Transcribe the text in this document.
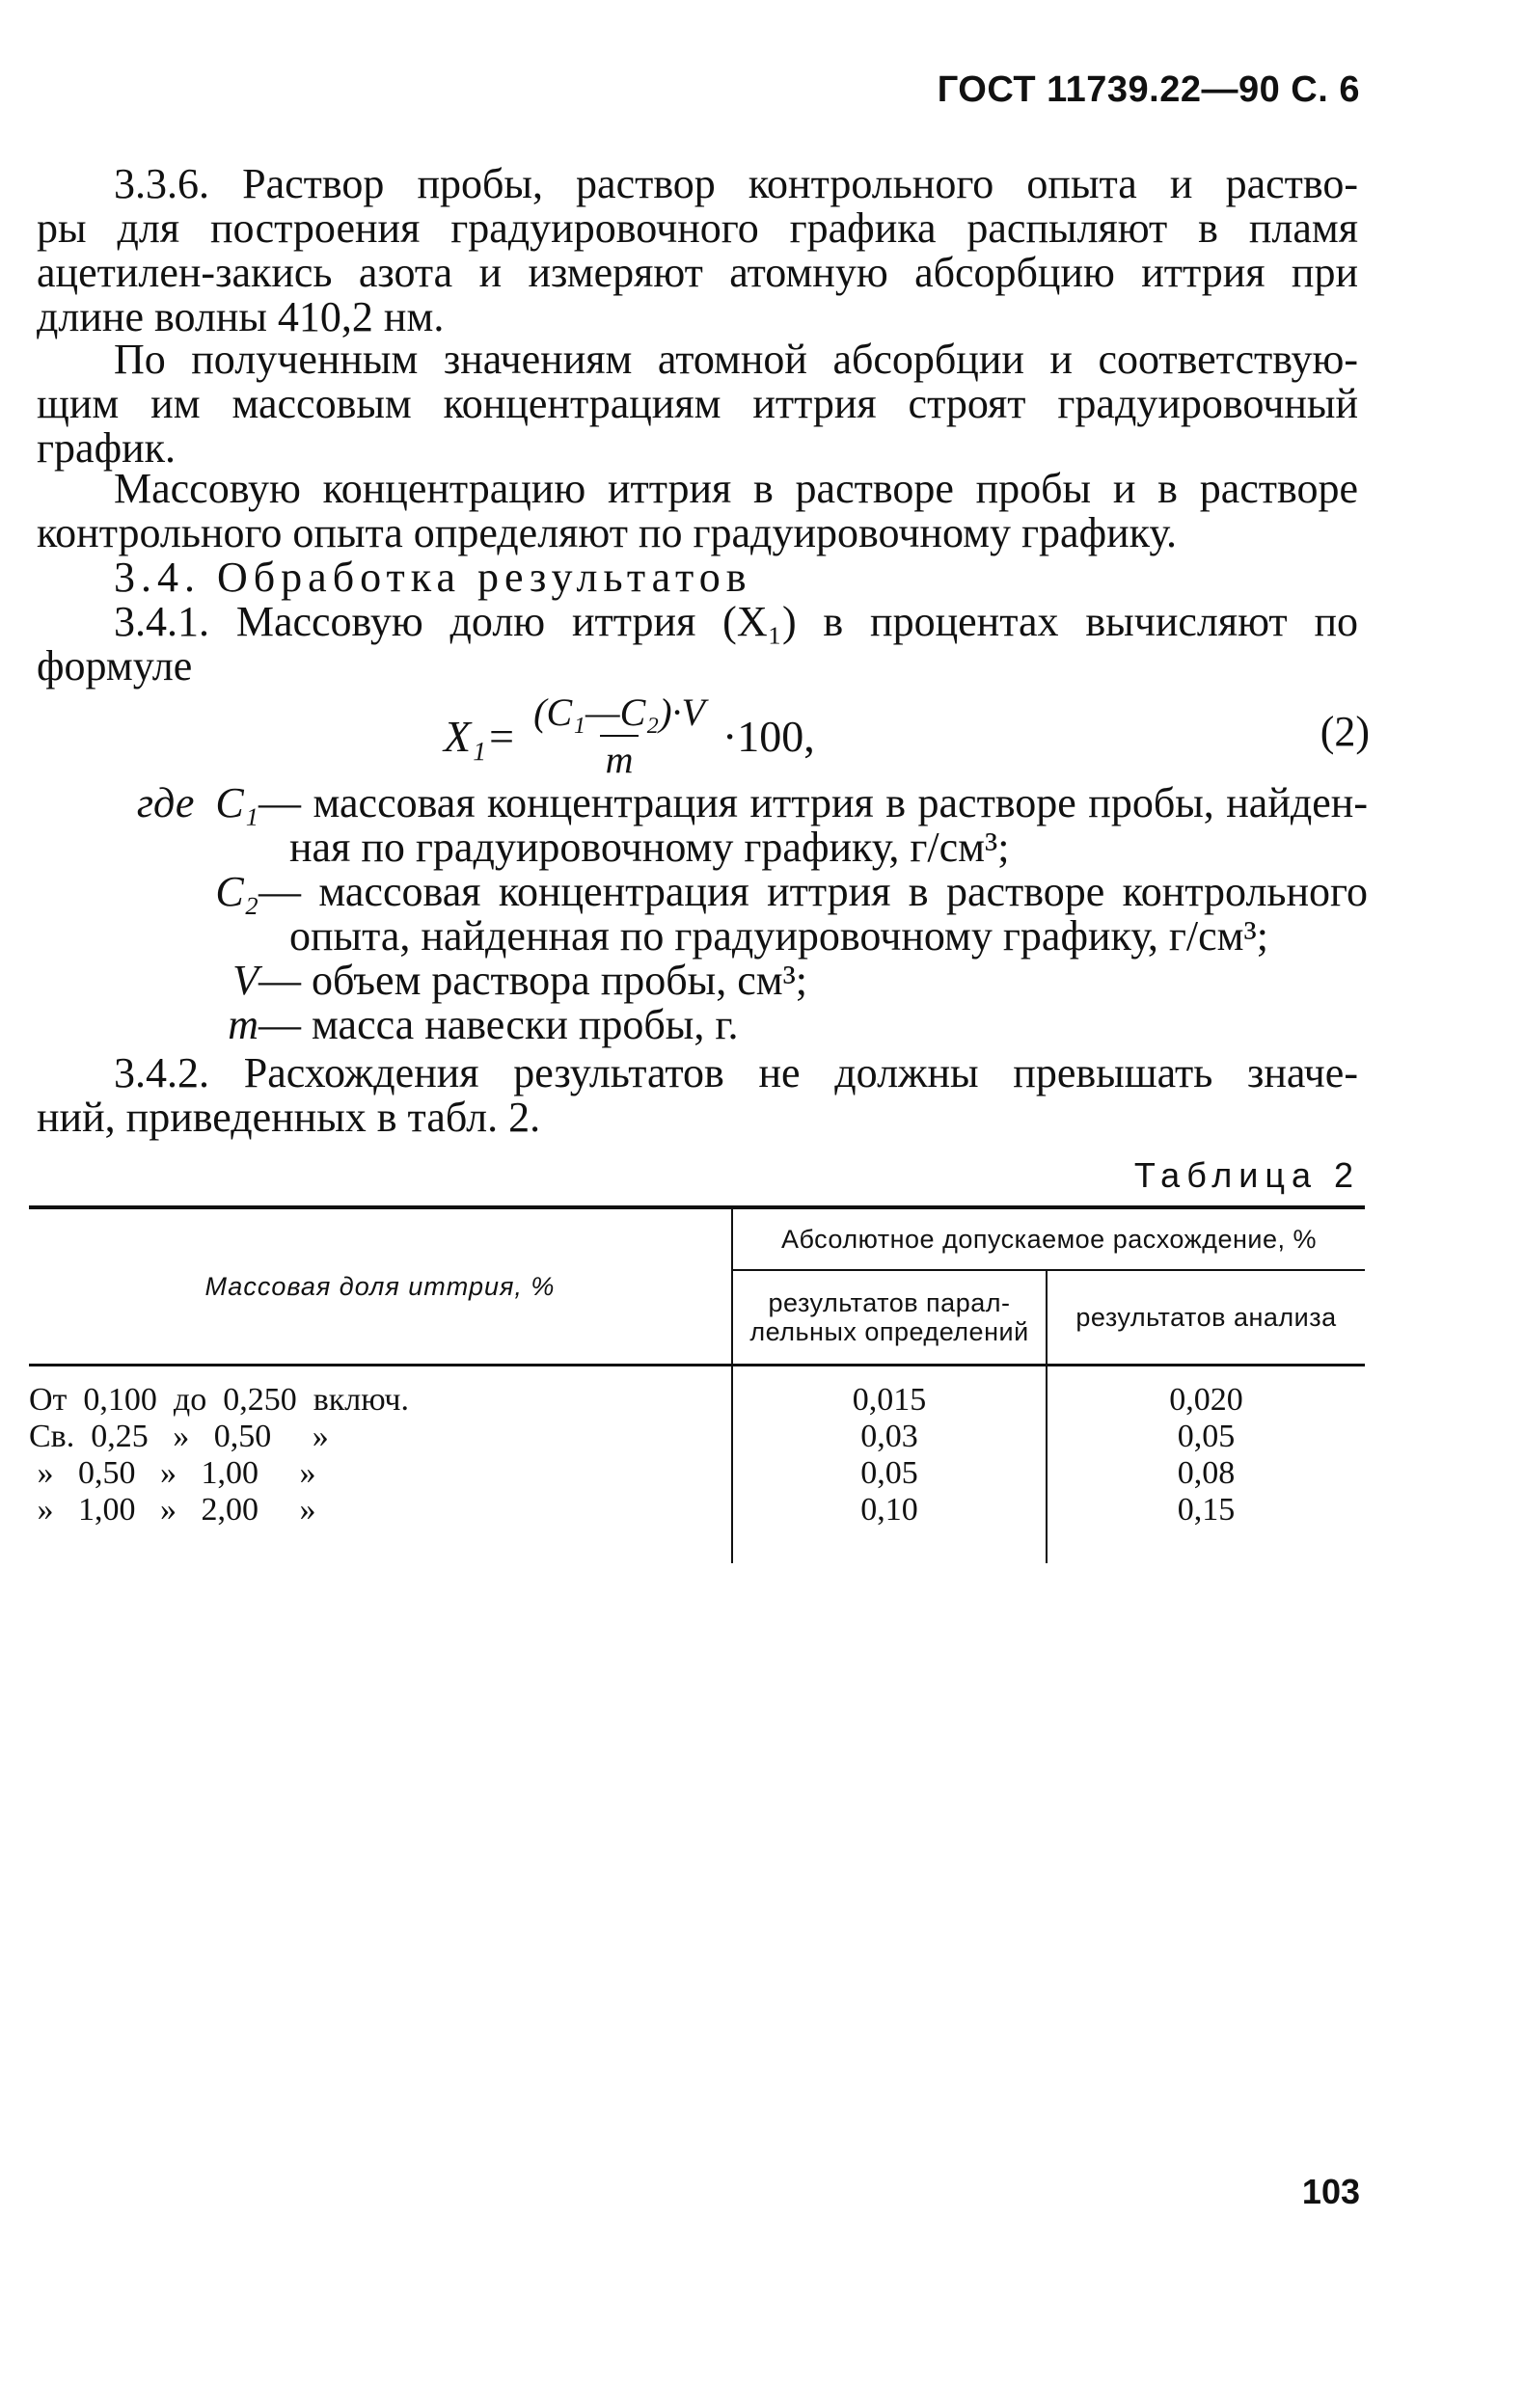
ГОСТ 11739.22—90 С. 6

3.3.6. Раствор пробы, раствор контрольного опыта и раство-

ры для построения градуировочного графика распыляют в пламя

ацетилен-закись азота и измеряют атомную абсорбцию иттрия при

длине волны 410,2 нм.

По полученным значениям атомной абсорбции и соответствую-

щим им массовым концентрациям иттрия строят градуировочный

график.

Массовую концентрацию иттрия в растворе пробы и в растворе

контрольного опыта определяют по градуировочному графику.

3.4. Обработка результатов

3.4.1. Массовую долю иттрия (X₁) в процентах вычисляют по

формуле

$X_1= \frac{\text{(C₁—C₂)·V}}{m} \cdot 100$,	(2)
где  C₁ — массовая концентрация иттрия в растворе пробы, найден-
ная по градуировочному графику, г/см³;
C₂ — массовая концентрация иттрия в растворе контрольного
опыта, найденная по градуировочному графику, г/см³;
V — объем раствора пробы, см³;
m — масса навески пробы, г.

3.4.2. Расхождения результатов не должны превышать значе-

ний, приведенных в табл. 2.

Таблица 2
Массовая доля иттрия, %	Абсолютное допускаемое расхождение, %	
	результатов парал-
лельных определений	результатов анализа

От  0,100  до  0,250  включ.	0,015	0,020
Св.  0,25   »   0,50     »	0,03	0,05
»   0,50   »   1,00     »	0,05	0,08
»   1,00   »   2,00     »	0,10	0,15

103
